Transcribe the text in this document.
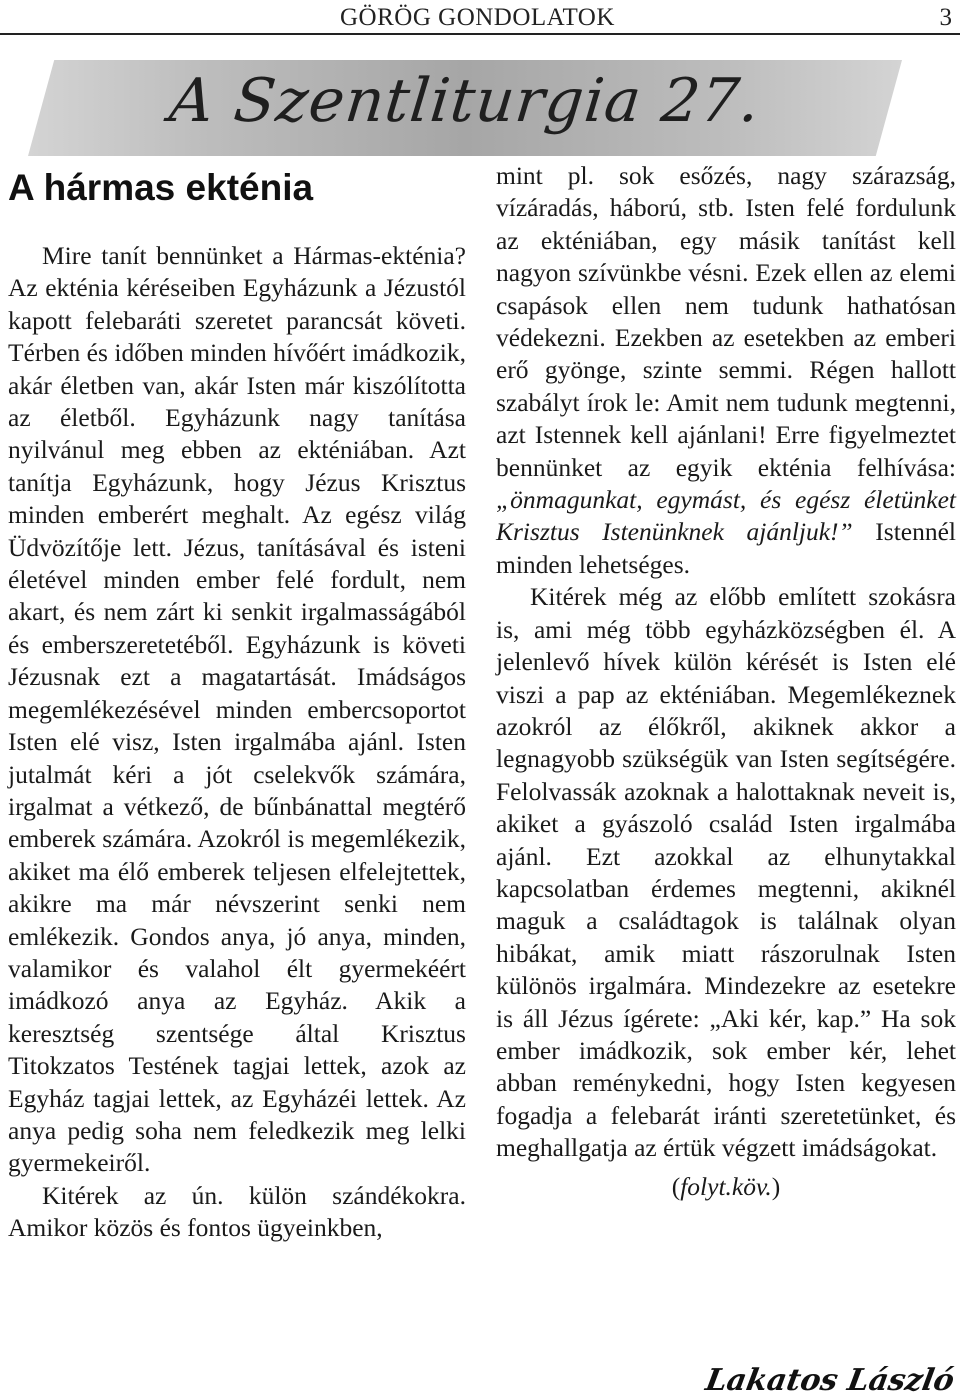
GÖRÖG GONDOLATOK	3
A Szentliturgia 27.
A hármas ekténia

Mire tanít bennünket a Hármas-ekténia? Az ekténia kéréseiben Egyházunk a Jézustól kapott felebaráti szeretet parancsát követi. Térben és időben minden hívőért imádkozik, akár életben van, akár Isten már kiszólította az életből. Egyházunk nagy tanítása nyilvánul meg ebben az ekténiában. Azt tanítja Egyházunk, hogy Jézus Krisztus minden emberért meghalt. Az egész világ Üdvözítője lett. Jézus, tanításával és isteni életével minden ember felé fordult, nem akart, és nem zárt ki senkit irgalmasságából és emberszeretetéből. Egyházunk is követi Jézusnak ezt a magatartását. Imádságos megemlékezésével minden embercsoportot Isten elé visz, Isten irgalmába ajánl. Isten jutalmát kéri a jót cselekvők számára, irgalmat a vétkező, de bűnbánattal megtérő emberek számára. Azokról is megemlékezik, akiket ma élő emberek teljesen elfelejtettek, akikre ma már névszerint senki nem emlékezik. Gondos anya, jó anya, minden, valamikor és valahol élt gyermekéért imádkozó anya az Egyház. Akik a keresztség szentsége által Krisztus Titokzatos Testének tagjai lettek, azok az Egyház tagjai lettek, az Egyházéi lettek. Az anya pedig soha nem feledkezik meg lelki gyermekeiről.

Kitérek az ún. külön szándékokra. Amikor közös és fontos ügyeinkben,

mint pl. sok esőzés, nagy szárazság, vízáradás, háború, stb. Isten felé fordulunk az ekténiában, egy másik tanítást kell nagyon szívünkbe vésni. Ezek ellen az elemi csapások ellen nem tudunk hathatósan védekezni. Ezekben az esetekben az emberi erő gyönge, szinte semmi. Régen hallott szabályt írok le: Amit nem tudunk megtenni, azt Istennek kell ajánlani! Erre figyelmeztet bennünket az egyik ekténia felhívása: „önmagunkat, egymást, és egész életünket Krisztus Istenünknek ajánljuk!” Istennél minden lehetséges.

Kitérek még az előbb említett szokásra is, ami még több egyházközségben él. A jelenlevő hívek külön kérését is Isten elé viszi a pap az ekténiában. Megemlékeznek azokról az élőkről, akiknek akkor a legnagyobb szükségük van Isten segítségére. Felolvassák azoknak a halottaknak neveit is, akiket a gyászoló család Isten irgalmába ajánl. Ezt azokkal az elhunytakkal kapcsolatban érdemes megtenni, akiknél maguk a családtagok is találnak olyan hibákat, amik miatt rászorulnak Isten különös irgalmára. Mindezekre az esetekre is áll Jézus ígérete: „Aki kér, kap.” Ha sok ember imádkozik, sok ember kér, lehet abban reménykedni, hogy Isten kegyesen fogadja a felebarát iránti szeretetünket, és meghallgatja az értük végzett imádságokat.

(folyt.köv.)

Lakatos László
